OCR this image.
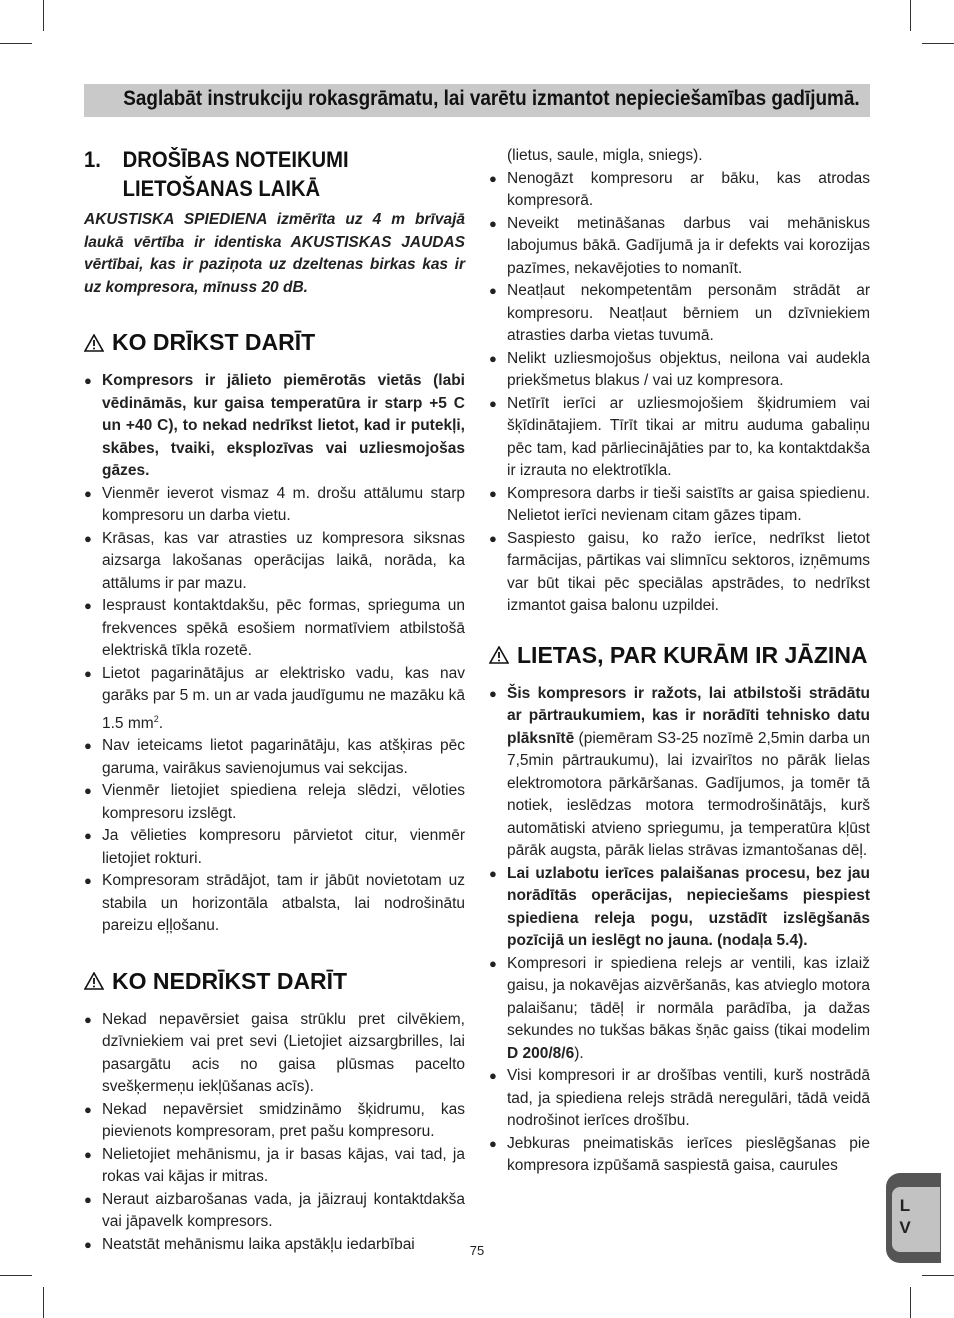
Saglabāt instrukciju rokasgrāmatu, lai varētu izmantot nepieciešamības gadījumā.
1. DROŠĪBAS NOTEIKUMI LIETOŠANAS LAIKĀ

AKUSTISKA SPIEDIENA izmērīta uz 4 m brīvajā laukā vērtība ir identiska AKUSTISKAS JAUDAS vērtībai, kas ir paziņota uz dzeltenas birkas kas ir uz kompresora, mīnuss 20 dB.

KO DRĪKST DARĪT
● Kompresors ir jālieto piemērotās vietās (labi vēdināmās, kur gaisa temperatūra ir starp +5 C un +40 C), to nekad nedrīkst lietot, kad ir putekļi, skābes, tvaiki, eksplozīvas vai uzliesmojošas gāzes.
● Vienmēr ieverot vismaz 4 m. drošu attālumu starp kompresoru un darba vietu.
● Krāsas, kas var atrasties uz kompresora siksnas aizsarga lakošanas operācijas laikā, norāda, ka attālums ir par mazu.
● Iespraust kontaktdakšu, pēc formas, sprieguma un frekvences spēkā esošiem normatīviem atbilstošā elektriskā tīkla rozetē.
● Lietot pagarinātājus ar elektrisko vadu, kas nav garāks par 5 m. un ar vada jaudīgumu ne mazāku kā 1.5 $mm^2$.
● Nav ieteicams lietot pagarinātāju, kas atšķiras pēc garuma, vairākus savienojumus vai sekcijas.
● Vienmēr lietojiet spiediena releja slēdzi, vēloties kompresoru izslēgt.
● Ja vēlieties kompresoru pārvietot citur, vienmēr lietojiet rokturi.
● Kompresoram strādājot, tam ir jābūt novietotam uz stabila un horizontāla atbalsta, lai nodrošinātu pareizu eļļošanu.
KO NEDRĪKST DARĪT
● Nekad nepavērsiet gaisa strūklu pret cilvēkiem, dzīvniekiem vai pret sevi (Lietojiet aizsargbrilles, lai pasargātu acis no gaisa plūsmas pacelto svešķermeņu iekļūšanas acīs).
● Nekad nepavērsiet smidzināmo šķidrumu, kas pievienots kompresoram, pret pašu kompresoru.
● Nelietojiet mehānismu, ja ir basas kājas, vai tad, ja rokas vai kājas ir mitras.
● Neraut aizbarošanas vada, ja jāizrauj kontaktdakša vai jāpavelk kompresors.
● Neatstāt mehānismu laika apstākļu iedarbībai

(lietus, saule, migla, sniegs).

● Nenogāzt kompresoru ar bāku, kas atrodas kompresorā.
● Neveikt metināšanas darbus vai mehāniskus labojumus bākā. Gadījumā ja ir defekts vai korozijas pazīmes, nekavējoties to nomanīt.
● Neatļaut nekompetentām personām strādāt ar kompresoru. Neatļaut bērniem un dzīvniekiem atrasties darba vietas tuvumā.
● Nelikt uzliesmojošus objektus, neilona vai audekla priekšmetus blakus / vai uz kompresora.
● Netīrīt ierīci ar uzliesmojošiem šķidrumiem vai šķīdinātajiem. Tīrīt tikai ar mitru auduma gabaliņu pēc tam, kad pārliecinājāties par to, ka kontaktdakša ir izrauta no elektrotīkla.
● Kompresora darbs ir tieši saistīts ar gaisa spiedienu. Nelietot ierīci nevienam citam gāzes tipam.
● Saspiesto gaisu, ko ražo ierīce, nedrīkst lietot farmācijas, pārtikas vai slimnīcu sektoros, izņēmums var būt tikai pēc speciālas apstrādes, to nedrīkst izmantot gaisa balonu uzpildei.
LIETAS, PAR KURĀM IR JĀZINA
● Šis kompresors ir ražots, lai atbilstoši strādātu ar pārtraukumiem, kas ir norādīti tehnisko datu plāksnītē (piemēram S3-25 nozīmē 2,5min darba un 7,5min pārtraukumu), lai izvairītos no pārāk lielas elektromotora pārkāršanas. Gadījumos, ja tomēr tā notiek, ieslēdzas motora termodrošinātājs, kurš automātiski atvieno spriegumu, ja temperatūra kļūst pārāk augsta, pārāk lielas strāvas izmantošanas dēļ.
● Lai uzlabotu ierīces palaišanas procesu, bez jau norādītās operācijas, nepieciešams piespiest spiediena releja pogu, uzstādīt izslēgšanās pozīcijā un ieslēgt no jauna. (nodaļa 5.4).
● Kompresori ir spiediena relejs ar ventili, kas izlaiž gaisu, ja nokavējas aizvēršanās, kas atvieglo motora palaišanu; tādēļ ir normāla parādība, ja dažas sekundes no tukšas bākas šņāc gaiss (tikai modelim D 200/8/6).
● Visi kompresori ir ar drošības ventili, kurš nostrādā tad, ja spiediena relejs strādā neregulāri, tādā veidā nodrošinot ierīces drošību.
● Jebkuras pneimatiskās ierīces pieslēgšanas pie kompresora izpūšamā saspiestā gaisa, caurules
L
V
75
